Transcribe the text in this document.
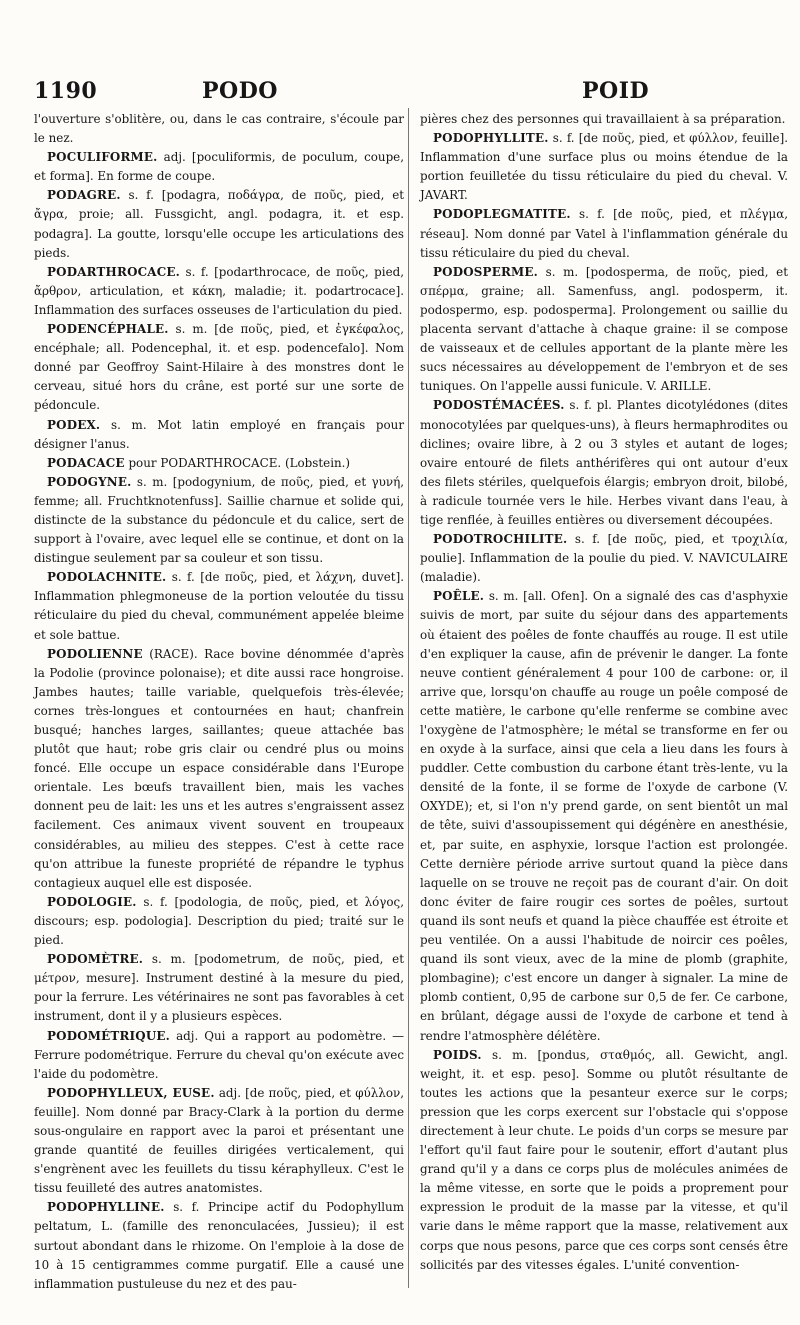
1190	PODO	POID

l'ouverture s'oblitère, ou, dans le cas contraire, s'écoule par le nez.

POCULIFORME. adj. [poculiformis, de poculum, coupe, et forma]. En forme de coupe.

PODAGRE. s. f. [podagra, ποδάγρα, de ποῦς, pied, et ἄγρα, proie; all. Fussgicht, angl. podagra, it. et esp. podagra]. La goutte, lorsqu'elle occupe les articulations des pieds.

PODARTHROCACE. s. f. [podarthrocace, de ποῦς, pied, ἄρθρον, articulation, et κάκη, maladie; it. podartrocace]. Inflammation des surfaces osseuses de l'articulation du pied.

PODENCÉPHALE. s. m. [de ποῦς, pied, et ἐγκέφαλος, encéphale; all. Podencephal, it. et esp. podencefalo]. Nom donné par Geoffroy Saint-Hilaire à des monstres dont le cerveau, situé hors du crâne, est porté sur une sorte de pédoncule.

PODEX. s. m. Mot latin employé en français pour désigner l'anus.

PODACACE pour PODARTHROCACE. (Lobstein.)

PODOGYNE. s. m. [podogynium, de ποῦς, pied, et γυνή, femme; all. Fruchtknotenfuss]. Saillie charnue et solide qui, distincte de la substance du pédoncule et du calice, sert de support à l'ovaire, avec lequel elle se continue, et dont on la distingue seulement par sa couleur et son tissu.

PODOLACHNITE. s. f. [de ποῦς, pied, et λάχνη, duvet]. Inflammation phlegmoneuse de la portion veloutée du tissu réticulaire du pied du cheval, communément appelée bleime et sole battue.

PODOLIENNE (RACE). Race bovine dénommée d'après la Podolie (province polonaise); et dite aussi race hongroise. Jambes hautes; taille variable, quelquefois très-élevée; cornes très-longues et contournées en haut; chanfrein busqué; hanches larges, saillantes; queue attachée bas plutôt que haut; robe gris clair ou cendré plus ou moins foncé. Elle occupe un espace considérable dans l'Europe orientale. Les bœufs travaillent bien, mais les vaches donnent peu de lait: les uns et les autres s'engraissent assez facilement. Ces animaux vivent souvent en troupeaux considérables, au milieu des steppes. C'est à cette race qu'on attribue la funeste propriété de répandre le typhus contagieux auquel elle est disposée.

PODOLOGIE. s. f. [podologia, de ποῦς, pied, et λόγος, discours; esp. podologia]. Description du pied; traité sur le pied.

PODOMÈTRE. s. m. [podometrum, de ποῦς, pied, et μέτρον, mesure]. Instrument destiné à la mesure du pied, pour la ferrure. Les vétérinaires ne sont pas favorables à cet instrument, dont il y a plusieurs espèces.

PODOMÉTRIQUE. adj. Qui a rapport au podomètre. — Ferrure podométrique. Ferrure du cheval qu'on exécute avec l'aide du podomètre.

PODOPHYLLEUX, EUSE. adj. [de ποῦς, pied, et φύλλον, feuille]. Nom donné par Bracy-Clark à la portion du derme sous-ongulaire en rapport avec la paroi et présentant une grande quantité de feuilles dirigées verticalement, qui s'engrènent avec les feuillets du tissu kéraphylleux. C'est le tissu feuilleté des autres anatomistes.

PODOPHYLLINE. s. f. Principe actif du Podophyllum peltatum, L. (famille des renonculacées, Jussieu); il est surtout abondant dans le rhizome. On l'emploie à la dose de 10 à 15 centigrammes comme purgatif. Elle a causé une inflammation pustuleuse du nez et des pau-

pières chez des personnes qui travaillaient à sa préparation.

PODOPHYLLITE. s. f. [de ποῦς, pied, et φύλλον, feuille]. Inflammation d'une surface plus ou moins étendue de la portion feuilletée du tissu réticulaire du pied du cheval. V. JAVART.

PODOPLEGMATITE. s. f. [de ποῦς, pied, et πλέγμα, réseau]. Nom donné par Vatel à l'inflammation générale du tissu réticulaire du pied du cheval.

PODOSPERME. s. m. [podosperma, de ποῦς, pied, et σπέρμα, graine; all. Samenfuss, angl. podosperm, it. podospermo, esp. podosperma]. Prolongement ou saillie du placenta servant d'attache à chaque graine: il se compose de vaisseaux et de cellules apportant de la plante mère les sucs nécessaires au développement de l'embryon et de ses tuniques. On l'appelle aussi funicule. V. ARILLE.

PODOSTÉMACÉES. s. f. pl. Plantes dicotylédones (dites monocotylées par quelques-uns), à fleurs hermaphrodites ou diclines; ovaire libre, à 2 ou 3 styles et autant de loges; ovaire entouré de filets anthérifères qui ont autour d'eux des filets stériles, quelquefois élargis; embryon droit, bilobé, à radicule tournée vers le hile. Herbes vivant dans l'eau, à tige renflée, à feuilles entières ou diversement découpées.

PODOTROCHILITE. s. f. [de ποῦς, pied, et τροχιλία, poulie]. Inflammation de la poulie du pied. V. NAVICULAIRE (maladie).

POÊLE. s. m. [all. Ofen]. On a signalé des cas d'asphyxie suivis de mort, par suite du séjour dans des appartements où étaient des poêles de fonte chauffés au rouge. Il est utile d'en expliquer la cause, afin de prévenir le danger. La fonte neuve contient généralement 4 pour 100 de carbone: or, il arrive que, lorsqu'on chauffe au rouge un poêle composé de cette matière, le carbone qu'elle renferme se combine avec l'oxygène de l'atmosphère; le métal se transforme en fer ou en oxyde à la surface, ainsi que cela a lieu dans les fours à puddler. Cette combustion du carbone étant très-lente, vu la densité de la fonte, il se forme de l'oxyde de carbone (V. OXYDE); et, si l'on n'y prend garde, on sent bientôt un mal de tête, suivi d'assoupissement qui dégénère en anesthésie, et, par suite, en asphyxie, lorsque l'action est prolongée. Cette dernière période arrive surtout quand la pièce dans laquelle on se trouve ne reçoit pas de courant d'air. On doit donc éviter de faire rougir ces sortes de poêles, surtout quand ils sont neufs et quand la pièce chauffée est étroite et peu ventilée. On a aussi l'habitude de noircir ces poêles, quand ils sont vieux, avec de la mine de plomb (graphite, plombagine); c'est encore un danger à signaler. La mine de plomb contient, 0,95 de carbone sur 0,5 de fer. Ce carbone, en brûlant, dégage aussi de l'oxyde de carbone et tend à rendre l'atmosphère délétère.

POIDS. s. m. [pondus, σταθμός, all. Gewicht, angl. weight, it. et esp. peso]. Somme ou plutôt résultante de toutes les actions que la pesanteur exerce sur le corps; pression que les corps exercent sur l'obstacle qui s'oppose directement à leur chute. Le poids d'un corps se mesure par l'effort qu'il faut faire pour le soutenir, effort d'autant plus grand qu'il y a dans ce corps plus de molécules animées de la même vitesse, en sorte que le poids a proprement pour expression le produit de la masse par la vitesse, et qu'il varie dans le même rapport que la masse, relativement aux corps que nous pesons, parce que ces corps sont censés être sollicités par des vitesses égales. L'unité convention-
